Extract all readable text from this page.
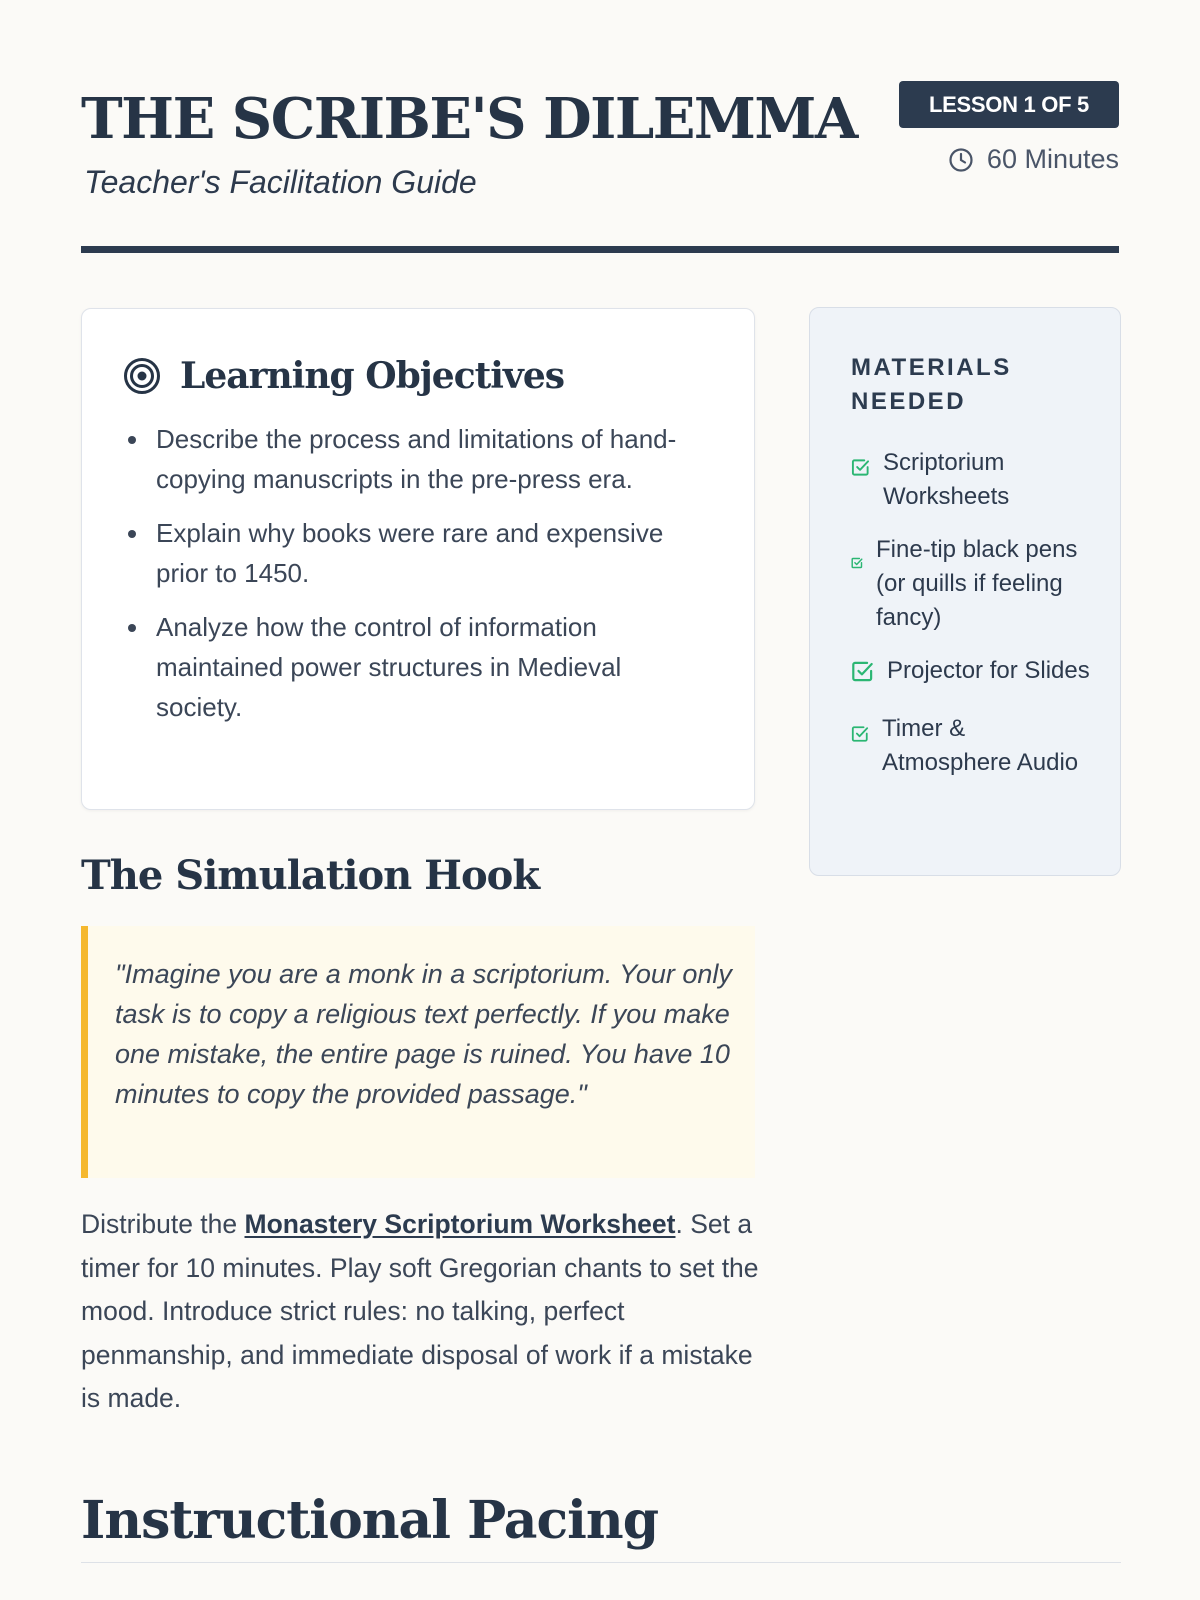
THE SCRIBE'S DILEMMA
Teacher's Facilitation Guide
LESSON 1 OF 5
60 Minutes
Learning Objectives
Describe the process and limitations of hand-copying manuscripts in the pre-press era.
Explain why books were rare and expensive prior to 1450.
Analyze how the control of information maintained power structures in Medieval society.
MATERIALS NEEDED
Scriptorium Worksheets
Fine-tip black pens (or quills if feeling fancy)
Projector for Slides
Timer & Atmosphere Audio
The Simulation Hook

"Imagine you are a monk in a scriptorium. Your only task is to copy a religious text perfectly. If you make one mistake, the entire page is ruined. You have 10 minutes to copy the provided passage."

Distribute the Monastery Scriptorium Worksheet. Set a timer for 10 minutes. Play soft Gregorian chants to set the mood. Introduce strict rules: no talking, perfect penmanship, and immediate disposal of work if a mistake is made.

Instructional Pacing
